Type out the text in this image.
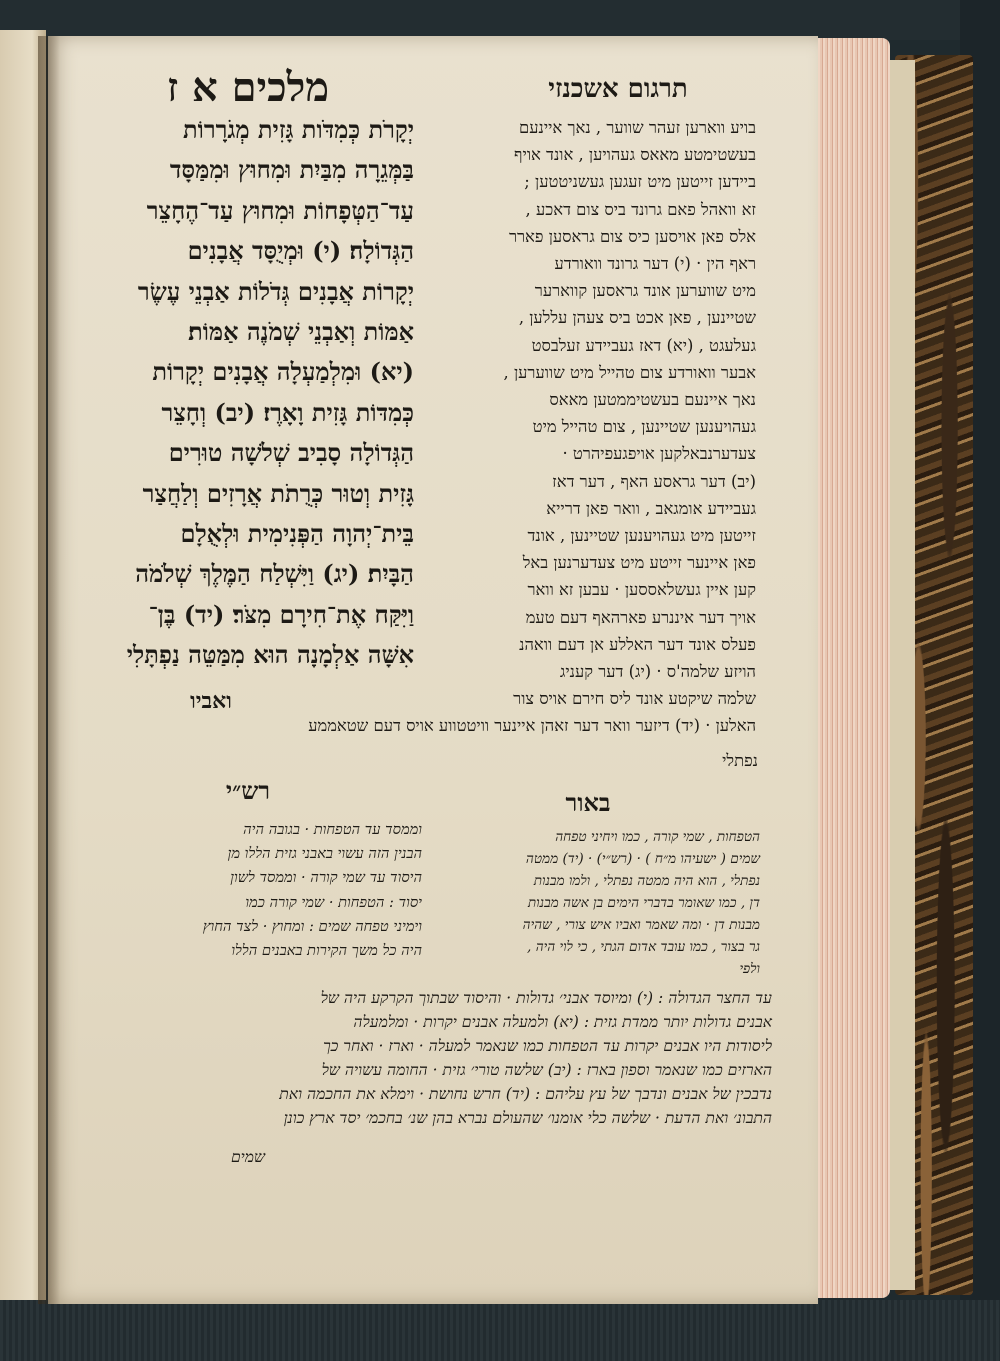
תרגום אשכנזי
מלכים א ז
בויע ווארען זעהר שווער , נאך איינעם
בעשטימטע מאאס געהויען , אונד אויף
ביידען זייטען מיט זעגען געשניטטען ;
זא וואהל פאם גרונד ביס צום דאכע ,
אלס פאן אויסען כיס צום גראסען פארר
ראף הין · (י) דער גרונד וואורדע
מיט שווערען אונד גראסען קווארער
שטיינען , פאן אכט ביס צעהן עללען ,
געלעגט , (יא) דאז געביידע זעלבסט
אבער וואורדע צום טהייל מיט שווערען ,
נאך איינעם בעשטיממטען מאאס
געהויענען שטיינען , צום טהייל מיט
צעדערנבאלקען אויפגעפיהרט ·
(יב) דער גראסע האף , דער דאז
געביידע אומגאב , וואר פאן דרייא
זייטען מיט געהויענען שטיינען , אונד
פאן איינער זייטע מיט צעדערנען באל
קען איין געשלאססען · עבען זא וואר
אויך דער איננרע פארהאף דעם טעמ
פעלס אונד דער האללע אן דעם וואהנ
הויזע שלמה'ס · (יג) דער קעניג
שלמה שיקטע אונד ליס חירם אויס צור
האלען · (יד) דיזער וואר דער זאהן איינער וויטטווע אויס דעם שטאממע
יְקָרֹת כְּמִדֹּות גָּזִית מְגֹרָרוֹת
בַּמְּגֵרָה מִבַּיִת וּמִחוּץ וּמִמַּסָּד
עַד־הַטְּפָחוֹת וּמִחוּץ עַד־הֶחָצֵר
הַגְּדוֹלָה׃ (י) וּמְיֻסָּד אֲבָנִים
יְקָרוֹת אֲבָנִים גְּדֹלוֹת אַבְנֵי עֶשֶׂר
אַמּוֹת וְאַבְנֵי שְׁמֹנֶה אַמּוֹת׃
(יא) וּמִלְמַעְלָה אֲבָנִים יְקָרוֹת
כְּמִדּוֹת גָּזִית וָאָרֶז׃ (יב) וְחָצֵר
הַגְּדוֹלָה סָבִיב שְׁלֹשָׁה טוּרִים
גָּזִית וְטוּר כְּרֻתֹת אֲרָזִים וְלַחֲצַר
בֵּית־יְהוָה הַפְּנִימִית וּלְאֻלָם
הַבָּיִת׃ (יג) וַיִּשְׁלַח הַמֶּלֶךְ שְׁלֹמֹה
וַיִּקַּח אֶת־חִירָם מִצֹּר׃ (יד) בֶּן־
אִשָּׁה אַלְמָנָה הוּא מִמַּטֵּה נַפְתָּלִי
ואביו
נפתלי
באור
רש״י
הטפחות , שמי קורה , כמו ויחיני טפחה
שמים ( ישעיהו מ״ח ) · (רש״י) · (יד) ממטה
נפתלי , הוא היה ממטה נפתלי , ולמו מבנות
דן , כמו שאומר בדברי הימים בן אשה מבנות
מבנות דן · ומה שאמר ואביו איש צורי , שהיה
גר בצור , כמו עובד אדום הגתי , כי לוי היה ,
ולפי
וממסד עד הטפחות · בגובה היה
הבנין הזה עשוי באבני גזית הללו מן
היסוד עד שמי קורה · וממסד לשון
יסוד : הטפחות · שמי קורה כמו
וימיני טפחה שמים : ומחוץ · לצד החוץ
היה כל משך הקירות באבנים הללו
עד החצר הגדולה : (י) ומיוסד אבני׳ גדולות · והיסוד שבתוך הקרקע היה של
אבנים גדולות יותר ממדת גזית : (יא) ולמעלה אבנים יקרות · ומלמעלה
ליסודות היו אבנים יקרות עד הטפחות כמו שנאמר למעלה · וארז · ואחר כך
הארזים כמו שנאמר וספון בארז : (יב) שלשה טורי׳ גזית · החומה עשויה של
נדבכין של אבנים ונדבך של עץ עליהם : (יד) חרש נחושת · וימלא את החכמה ואת
התבונ׳ ואת הדעת · שלשה כלי אומנו׳ שהעולם נברא בהן שנ׳ בחכמ׳ יסד ארץ כונן
שמים
